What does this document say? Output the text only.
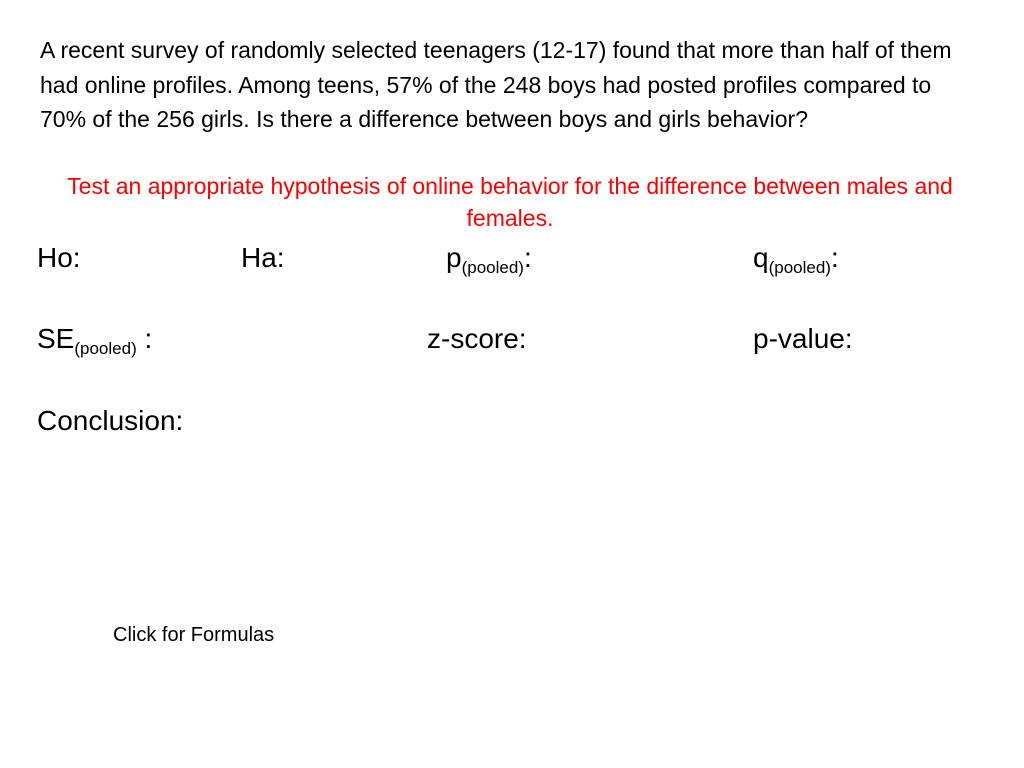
A recent survey of randomly selected teenagers (12-17) found that more than half of them had online profiles. Among teens, 57% of the 248 boys had posted profiles compared to 70% of the 256 girls. Is there a difference between boys and girls behavior?

Test an appropriate hypothesis of online behavior for the difference between males and females.

Ho:	Ha:	$p_{(pooled)}$:	$q_{(pooled)}$:
$SE_{(pooled)}$ :	z-score:	p-value:
Conclusion:
Click for Formulas
